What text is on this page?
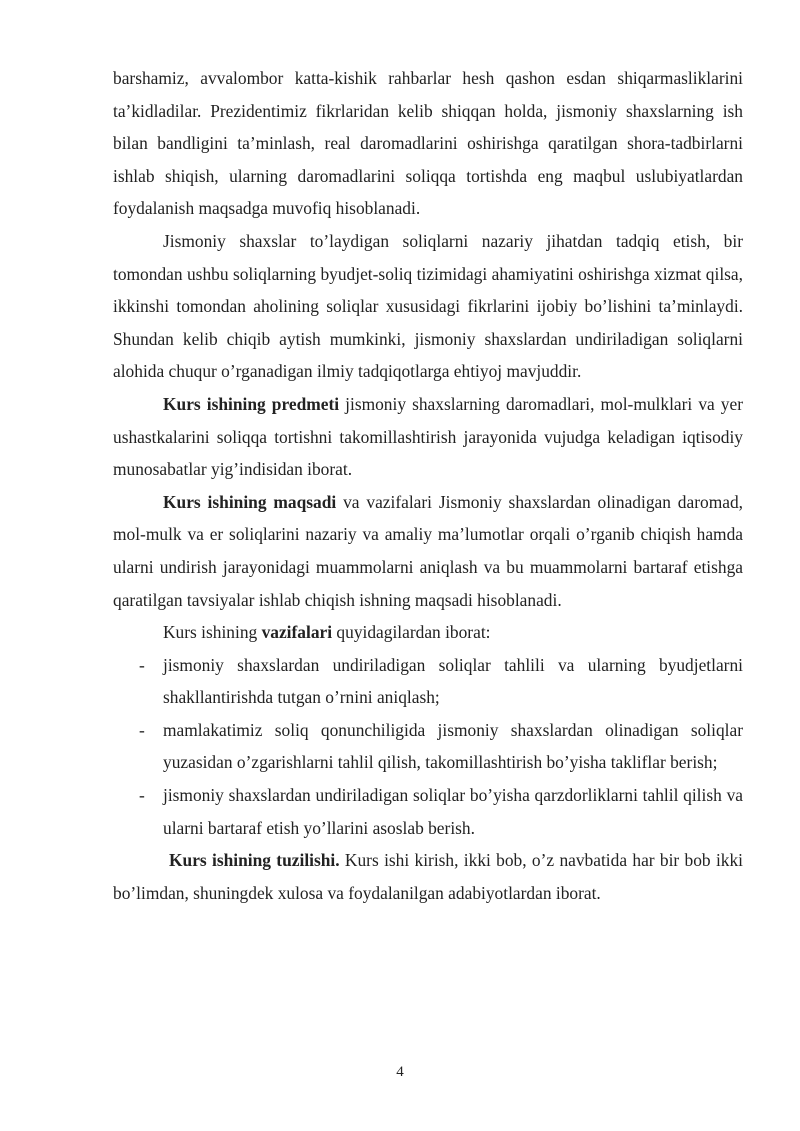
barshamiz, avvalombor katta-kishik rahbarlar hesh qashon esdan shiqarmasliklarini ta’kidladilar. Prezidentimiz fikrlaridan kelib shiqqan holda, jismoniy shaxslarning ish bilan bandligini ta’minlash, real daromadlarini oshirishga qaratilgan shora-tadbirlarni ishlab shiqish, ularning daromadlarini soliqqa tortishda eng maqbul uslubiyatlardan foydalanish maqsadga muvofiq hisoblanadi.

Jismoniy shaxslar to’laydigan soliqlarni nazariy jihatdan tadqiq etish, bir tomondan ushbu soliqlarning byudjet-soliq tizimidagi ahamiyatini oshirishga xizmat qilsa, ikkinshi tomondan aholining soliqlar xususidagi fikrlarini ijobiy bo’lishini ta’minlaydi. Shundan kelib chiqib aytish mumkinki, jismoniy shaxslardan undiriladigan soliqlarni alohida chuqur o’rganadigan ilmiy tadqiqotlarga ehtiyoj mavjuddir.

Kurs ishining predmeti jismoniy shaxslarning daromadlari, mol-mulklari va yer ushastkalarini soliqqa tortishni takomillashtirish jarayonida vujudga keladigan iqtisodiy munosabatlar yig’indisidan iborat.

Kurs ishining maqsadi va vazifalari Jismoniy shaxslardan olinadigan daromad, mol-mulk va er soliqlarini nazariy va amaliy ma’lumotlar orqali o’rganib chiqish hamda ularni undirish jarayonidagi muammolarni aniqlash va bu muammolarni bartaraf etishga qaratilgan tavsiyalar ishlab chiqish ishning maqsadi hisoblanadi.

Kurs ishining vazifalari quyidagilardan iborat:

- jismoniy shaxslardan undiriladigan soliqlar tahlili va ularning byudjetlarni shakllantirishda tutgan o’rnini aniqlash;
- mamlakatimiz soliq qonunchiligida jismoniy shaxslardan olinadigan soliqlar yuzasidan o’zgarishlarni tahlil qilish, takomillashtirish bo’yisha takliflar berish;
- jismoniy shaxslardan undiriladigan soliqlar bo’yisha qarzdorliklarni tahlil qilish va ularni bartaraf etish yo’llarini asoslab berish.

Kurs ishining tuzilishi. Kurs ishi kirish, ikki bob, o’z navbatida har bir bob ikki bo’limdan, shuningdek xulosa va foydalanilgan adabiyotlardan iborat.

4
